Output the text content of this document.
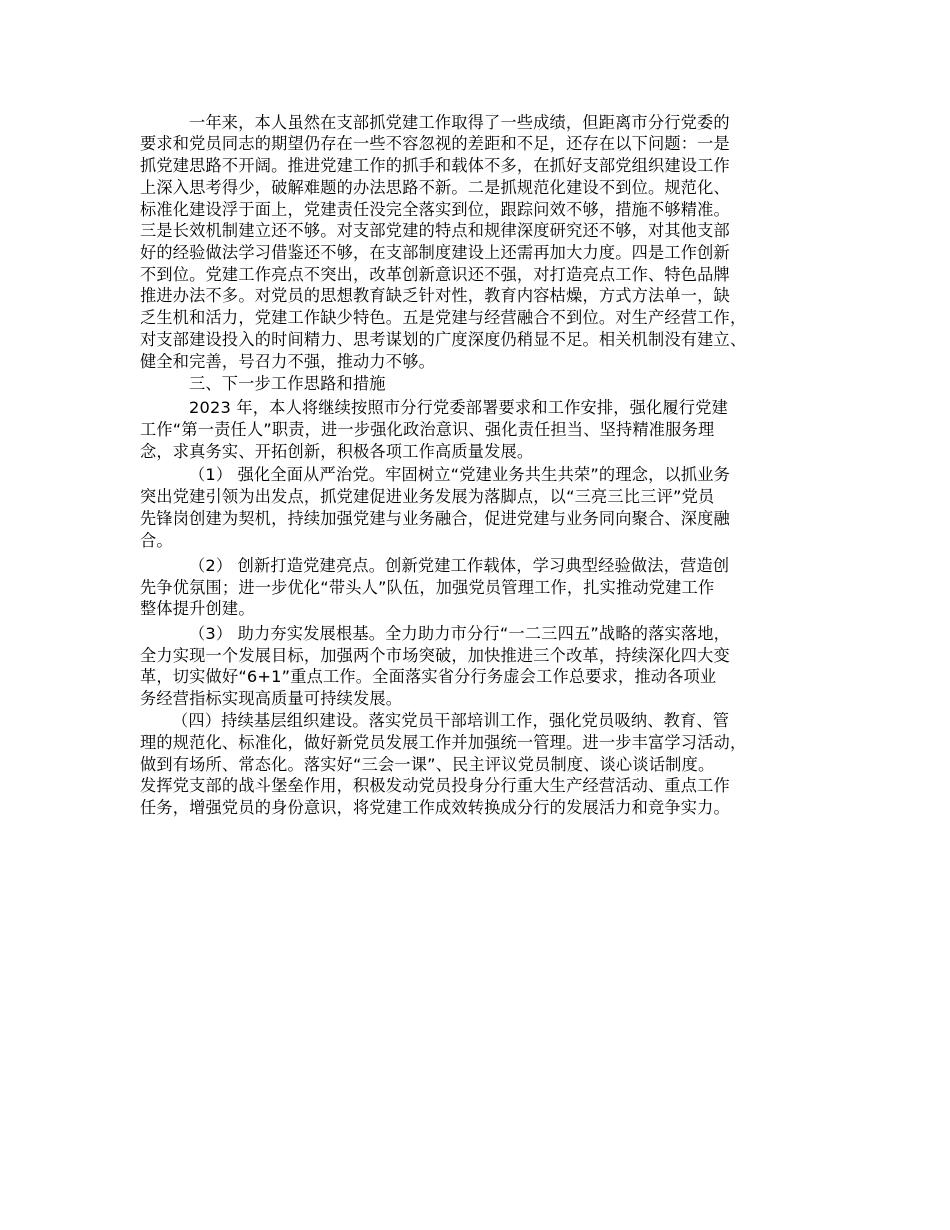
一年来，本人虽然在支部抓党建工作取得了一些成绩，但距离市分行党委的
要求和党员同志的期望仍存在一些不容忽视的差距和不足，还存在以下问题：一是
抓党建思路不开阔。推进党建工作的抓手和载体不多，在抓好支部党组织建设工作
上深入思考得少，破解难题的办法思路不新。二是抓规范化建设不到位。规范化、
标准化建设浮于面上，党建责任没完全落实到位，跟踪问效不够，措施不够精准。
三是长效机制建立还不够。对支部党建的特点和规律深度研究还不够，对其他支部
好的经验做法学习借鉴还不够，在支部制度建设上还需再加大力度。四是工作创新
不到位。党建工作亮点不突出，改革创新意识还不强，对打造亮点工作、特色品牌
推进办法不多。对党员的思想教育缺乏针对性，教育内容枯燥，方式方法单一，缺
乏生机和活力，党建工作缺少特色。五是党建与经营融合不到位。对生产经营工作，
对支部建设投入的时间精力、思考谋划的广度深度仍稍显不足。相关机制没有建立、
健全和完善，号召力不强，推动力不够。
三、下一步工作思路和措施
2023 年，本人将继续按照市分行党委部署要求和工作安排，强化履行党建
工作“第一责任人”职责，进一步强化政治意识、强化责任担当、坚持精准服务理
念，求真务实、开拓创新，积极各项工作高质量发展。
（1） 强化全面从严治党。牢固树立“党建业务共生共荣”的理念，以抓业务
突出党建引领为出发点，抓党建促进业务发展为落脚点，以“三亮三比三评”党员
先锋岗创建为契机，持续加强党建与业务融合，促进党建与业务同向聚合、深度融
合。
（2） 创新打造党建亮点。创新党建工作载体，学习典型经验做法，营造创
先争优氛围；进一步优化“带头人”队伍，加强党员管理工作，扎实推动党建工作
整体提升创建。
（3） 助力夯实发展根基。全力助力市分行“一二三四五”战略的落实落地，
全力实现一个发展目标，加强两个市场突破，加快推进三个改革，持续深化四大变
革，切实做好“6+1”重点工作。全面落实省分行务虚会工作总要求，推动各项业
务经营指标实现高质量可持续发展。
（四）持续基层组织建设。落实党员干部培训工作，强化党员吸纳、教育、管
理的规范化、标准化，做好新党员发展工作并加强统一管理。进一步丰富学习活动，
做到有场所、常态化。落实好“三会一课”、民主评议党员制度、谈心谈话制度。
发挥党支部的战斗堡垒作用，积极发动党员投身分行重大生产经营活动、重点工作
任务，增强党员的身份意识，将党建工作成效转换成分行的发展活力和竞争实力。
